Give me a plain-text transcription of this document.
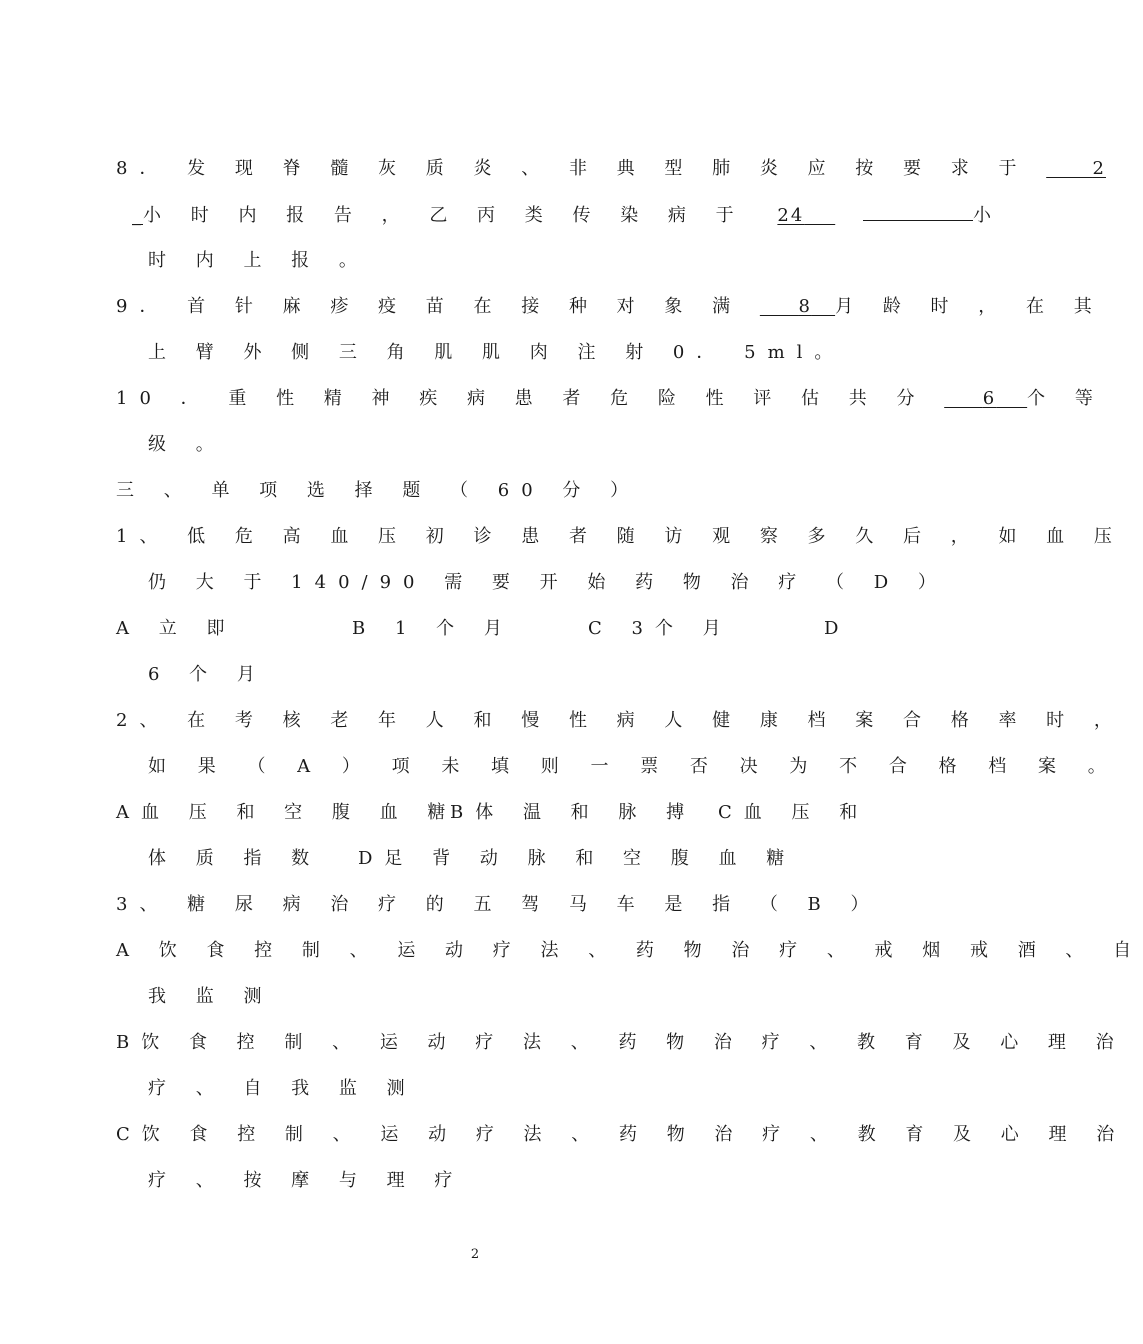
8． 发 现 脊 髓 灰 质 炎 、 非 典 型 肺 炎 应 按 要 求 于	2
_小 时 内 报 告 ， 乙 丙 类 传 染 病 于 24	小
时 内 上 报 。
9． 首 针 麻 疹 疫 苗 在 接 种 对 象 满	8 月 龄 时 ， 在 其
上 臂 外 侧 三 角 肌 肌 肉 注 射 0． 5ml。
10 ． 重 性 精 神 疾 病 患 者 危 险 性 评 估 共 分	6 个 等
级 。
三 、 单 项 选 择 题 （ 60 分 ）
1、 低 危 高 血 压 初 诊 患 者 随 访 观 察 多 久 后 ， 如 血 压
仍 大 于 140/90 需 要 开 始 药 物 治 疗 （ D ）
A 立 即	B 1 个 月	C 3个 月	D
6 个 月
2、 在 考 核 老 年 人 和 慢 性 病 人 健 康 档 案 合 格 率 时 ，
如 果 （ A ） 项 未 填 则 一 票 否 决 为 不 合 格 档 案 。
A血 压 和 空 腹 血 糖
B体 温 和 脉 搏 C血 压 和
体 质 指 数 D足 背 动 脉 和 空 腹 血 糖
3、 糖 尿 病 治 疗 的 五 驾 马 车 是 指 （ B ）
A 饮 食 控 制 、 运 动 疗 法 、 药 物 治 疗 、 戒 烟 戒 酒 、 自
我 监 测
B饮 食 控 制 、 运 动 疗 法 、 药 物 治 疗 、 教 育 及 心 理 治
疗 、 自 我 监 测
C饮 食 控 制 、 运 动 疗 法 、 药 物 治 疗 、 教 育 及 心 理 治
疗 、 按 摩 与 理 疗
2
